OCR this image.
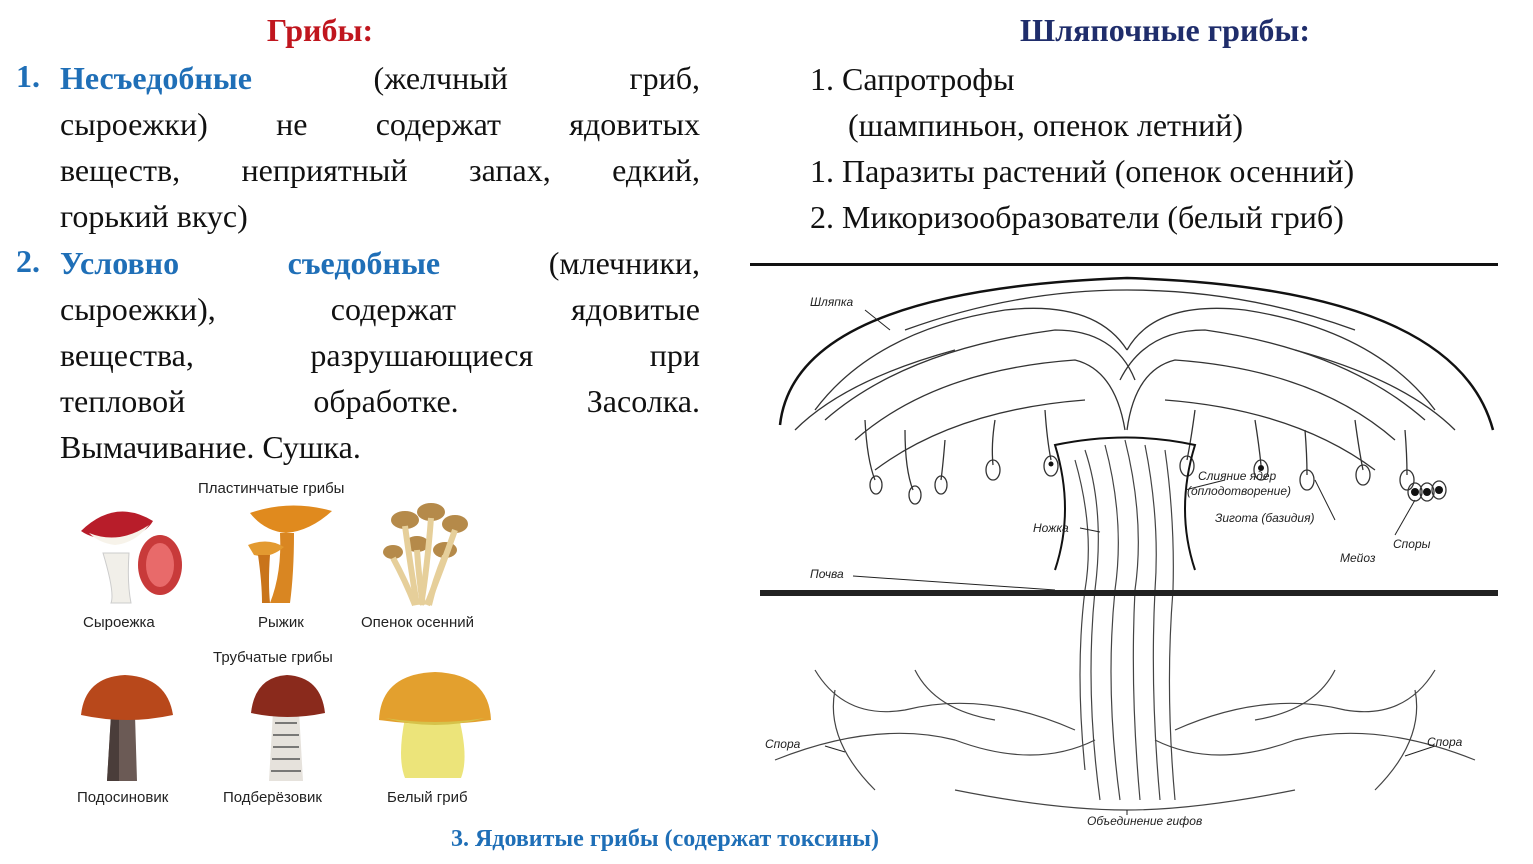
Грибы:
1. Несъедобные	(желчный гриб,
сыроежки) не содержат ядовитых
веществ, неприятный запах, едкий,
горький вкус)
2. Условно съедобные	(млечники,
сыроежки), содержат ядовитые
вещества, разрушающиеся при
тепловой обработке. Засолка.
Вымачивание. Сушка.
Пластинчатые грибы
Сыроежка	Рыжик	Опенок осенний
Трубчатые грибы
Подосиновик	Подберёзовик	Белый гриб
Шляпочные грибы:
1. Сапротрофы
(шампиньон, опенок летний)
1. Паразиты растений (опенок осенний)
2. Микоризообразователи (белый гриб)
Шляпка
Ножка
Почва
Слияние ядер
(оплодотворение)
Зигота (базидия)
Мейоз
Споры
Спора	Спора
Объединение гифов
3. Ядовитые грибы (содержат токсины)
